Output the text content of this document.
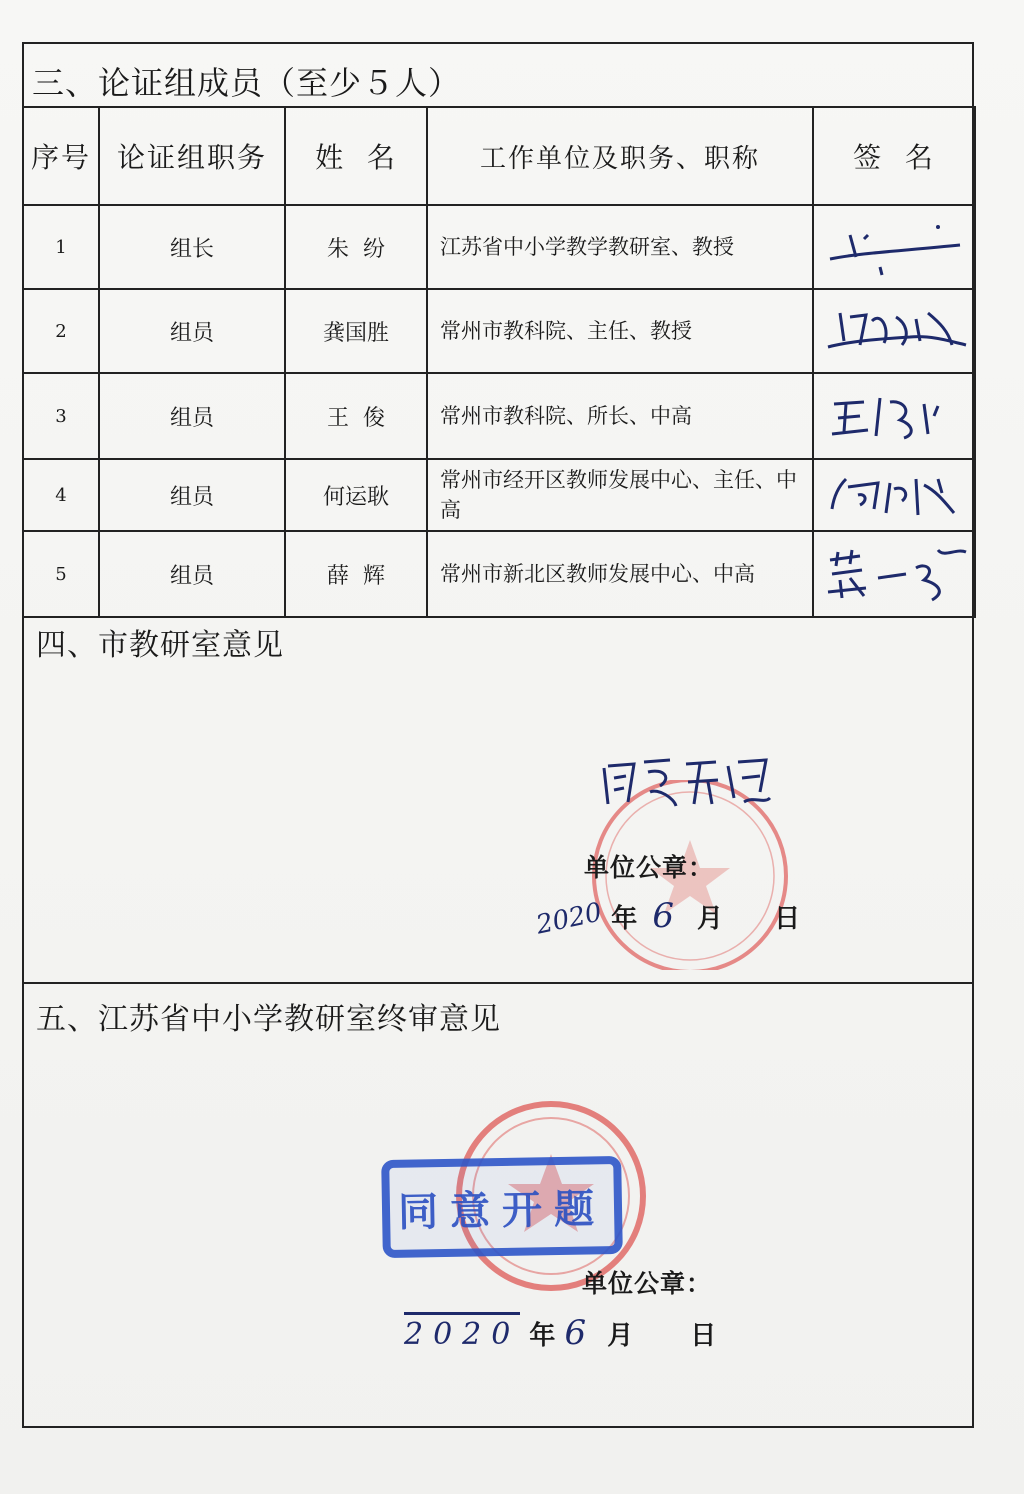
三、论证组成员（至少５人）
序号	论证组职务	姓  名	工作单位及职务、职称	签  名
1	组长	朱  纷	江苏省中小学教学教研室、教授	

2	组员	龚国胜	常州市教科院、主任、教授	

3	组员	王  俊	常州市教科院、所长、中高	

4	组员	何运耿	常州市经开区教师发展中心、主任、中高	

5	组员	薛  辉	常州市新北区教师发展中心、中高	
四、市教研室意见
单位公章：
2020 年 6 月 日
五、江苏省中小学教研室终审意见
同意开题
单位公章：
2020 年 6 月 日
